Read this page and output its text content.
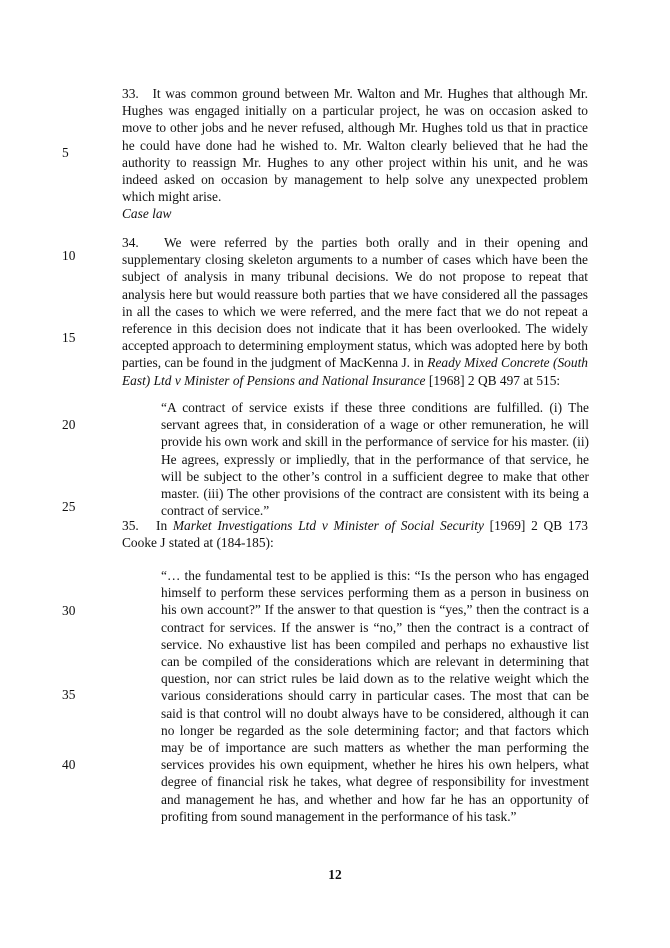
5
10
15
20
25
30
35
40
33.   It was common ground between Mr. Walton and Mr. Hughes that although Mr. Hughes was engaged initially on a particular project, he was on occasion asked to move to other jobs and he never refused, although Mr. Hughes told us that in practice he could have done had he wished to. Mr. Walton clearly believed that he had the authority to reassign Mr. Hughes to any other project within his unit, and he was indeed asked on occasion by management to help solve any unexpected problem which might arise.
Case law
34.   We were referred by the parties both orally and in their opening and supplementary closing skeleton arguments to a number of cases which have been the subject of analysis in many tribunal decisions. We do not propose to repeat that analysis here but would reassure both parties that we have considered all the passages in all the cases to which we were referred, and the mere fact that we do not repeat a reference in this decision does not indicate that it has been overlooked. The widely accepted approach to determining employment status, which was adopted here by both parties, can be found in the judgment of MacKenna J. in Ready Mixed Concrete (South East) Ltd v Minister of Pensions and National Insurance [1968] 2 QB 497 at 515:
“A contract of service exists if these three conditions are fulfilled. (i) The servant agrees that, in consideration of a wage or other remuneration, he will provide his own work and skill in the performance of service for his master. (ii) He agrees, expressly or impliedly, that in the performance of that service, he will be subject to the other’s control in a sufficient degree to make that other master. (iii) The other provisions of the contract are consistent with its being a contract of service.”
35.   In Market Investigations Ltd v Minister of Social Security [1969] 2 QB 173 Cooke J stated at (184-185):
“… the fundamental test to be applied is this: “Is the person who has engaged himself to perform these services performing them as a person in business on his own account?” If the answer to that question is “yes,” then the contract is a contract for services. If the answer is “no,” then the contract is a contract of service. No exhaustive list has been compiled and perhaps no exhaustive list can be compiled of the considerations which are relevant in determining that question, nor can strict rules be laid down as to the relative weight which the various considerations should carry in particular cases. The most that can be said is that control will no doubt always have to be considered, although it can no longer be regarded as the sole determining factor; and that factors which may be of importance are such matters as whether the man performing the services provides his own equipment, whether he hires his own helpers, what degree of financial risk he takes, what degree of responsibility for investment and management he has, and whether and how far he has an opportunity of profiting from sound management in the performance of his task.”
12
